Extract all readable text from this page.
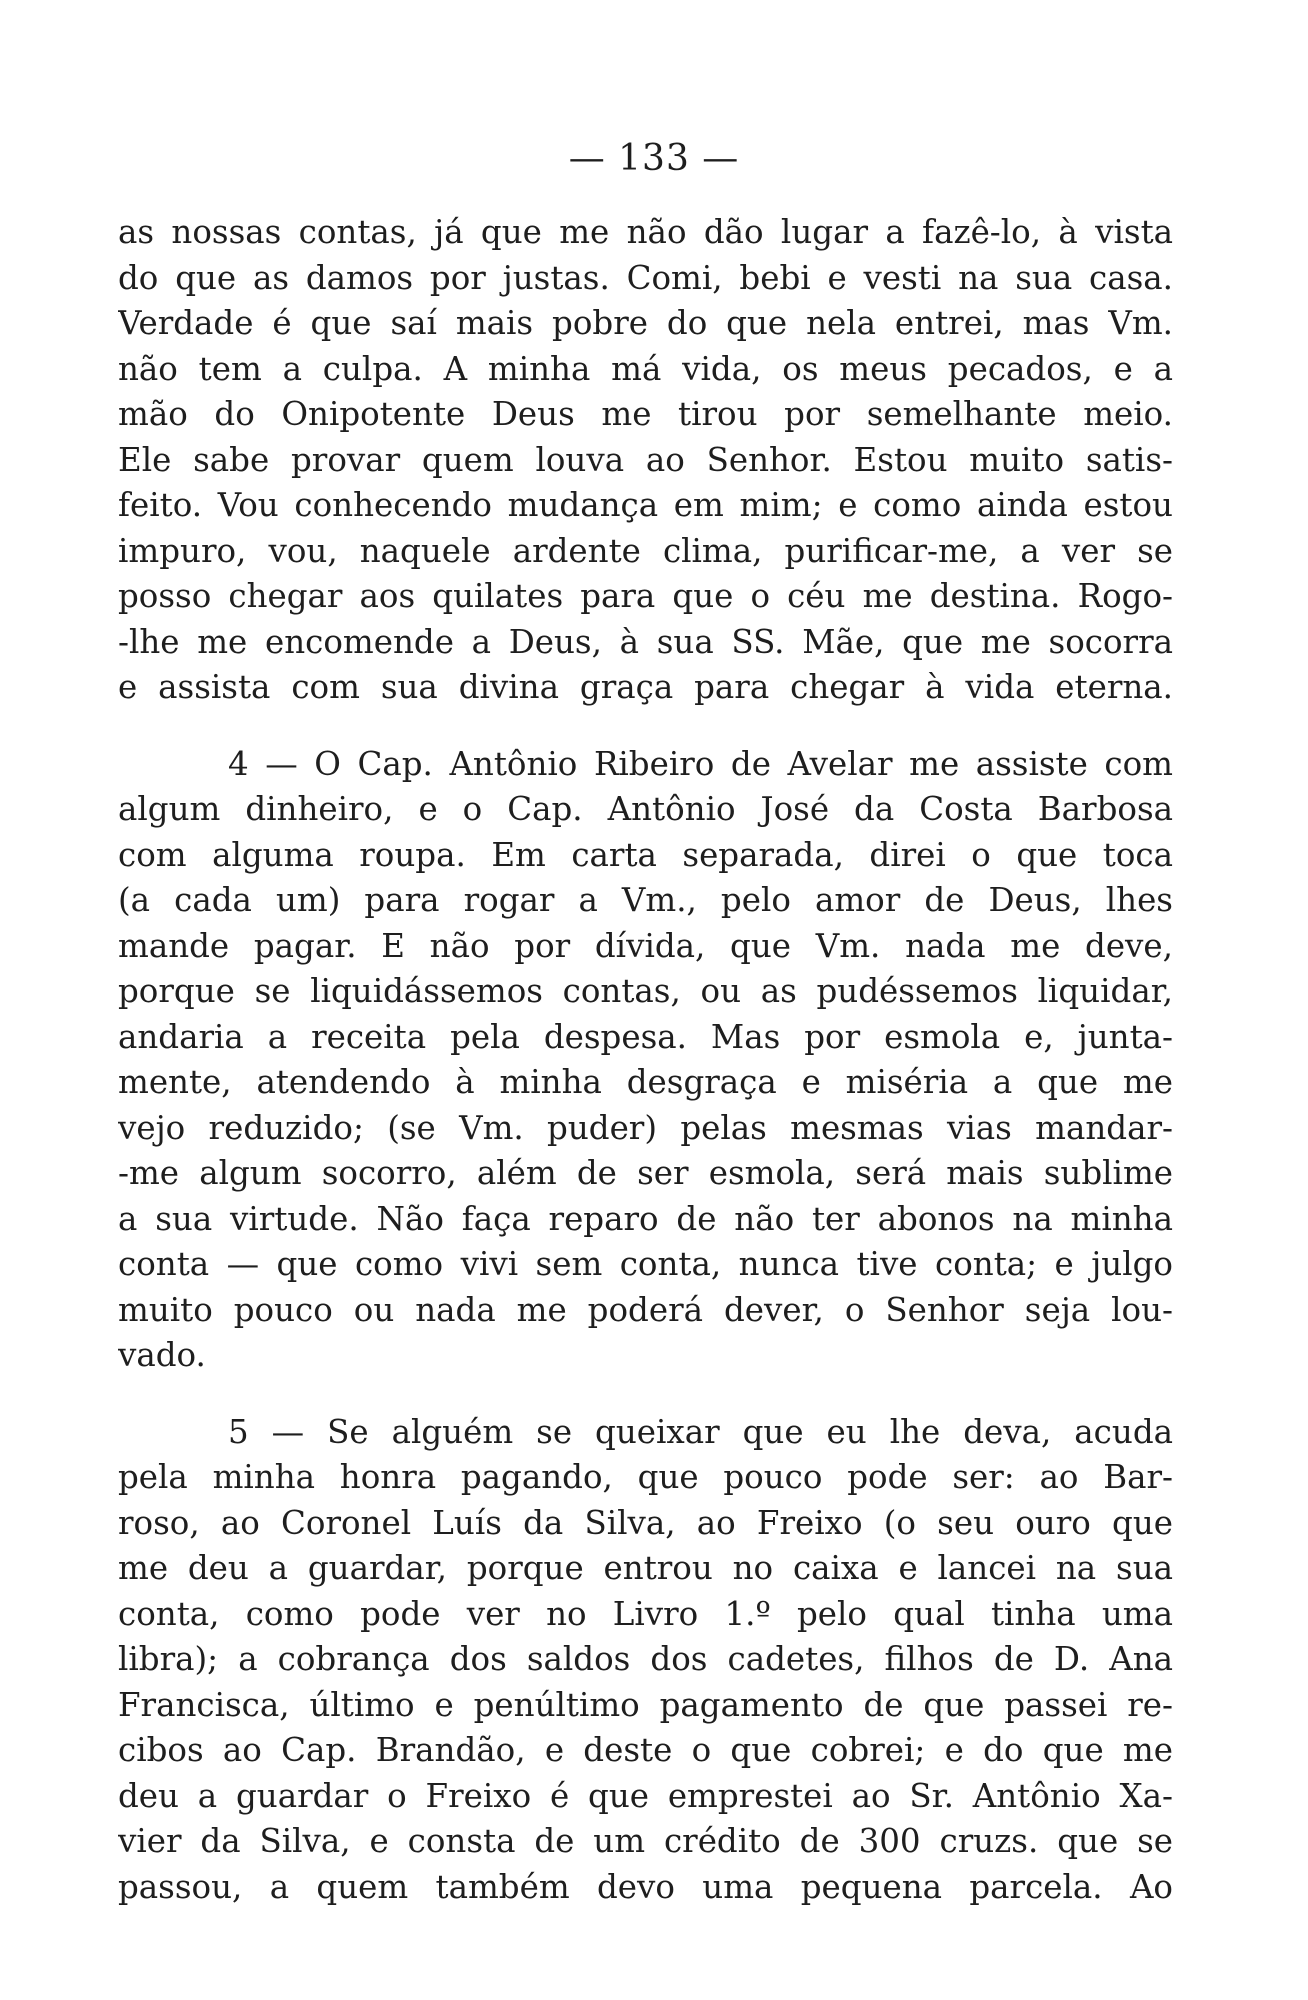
— 133 —
as nossas contas, já que me não dão lugar a fazê-lo, à vista
do que as damos por justas. Comi, bebi e vesti na sua casa.
Verdade é que saí mais pobre do que nela entrei, mas Vm.
não tem a culpa. A minha má vida, os meus pecados, e a
mão do Onipotente Deus me tirou por semelhante meio.
Ele sabe provar quem louva ao Senhor. Estou muito satis-
feito. Vou conhecendo mudança em mim; e como ainda estou
impuro, vou, naquele ardente clima, purificar-me, a ver se
posso chegar aos quilates para que o céu me destina. Rogo-
-lhe me encomende a Deus, à sua SS. Mãe, que me socorra
e assista com sua divina graça para chegar à vida eterna.
4 — O Cap. Antônio Ribeiro de Avelar me assiste com
algum dinheiro, e o Cap. Antônio José da Costa Barbosa
com alguma roupa. Em carta separada, direi o que toca
(a cada um) para rogar a Vm., pelo amor de Deus, lhes
mande pagar. E não por dívida, que Vm. nada me deve,
porque se liquidássemos contas, ou as pudéssemos liquidar,
andaria a receita pela despesa. Mas por esmola e, junta-
mente, atendendo à minha desgraça e miséria a que me
vejo reduzido; (se Vm. puder) pelas mesmas vias mandar-
-me algum socorro, além de ser esmola, será mais sublime
a sua virtude. Não faça reparo de não ter abonos na minha
conta — que como vivi sem conta, nunca tive conta; e julgo
muito pouco ou nada me poderá dever, o Senhor seja lou-
vado.
5 — Se alguém se queixar que eu lhe deva, acuda
pela minha honra pagando, que pouco pode ser: ao Bar-
roso, ao Coronel Luís da Silva, ao Freixo (o seu ouro que
me deu a guardar, porque entrou no caixa e lancei na sua
conta, como pode ver no Livro 1.º pelo qual tinha uma
libra); a cobrança dos saldos dos cadetes, filhos de D. Ana
Francisca, último e penúltimo pagamento de que passei re-
cibos ao Cap. Brandão, e deste o que cobrei; e do que me
deu a guardar o Freixo é que emprestei ao Sr. Antônio Xa-
vier da Silva, e consta de um crédito de 300 cruzs. que se
passou, a quem também devo uma pequena parcela. Ao
